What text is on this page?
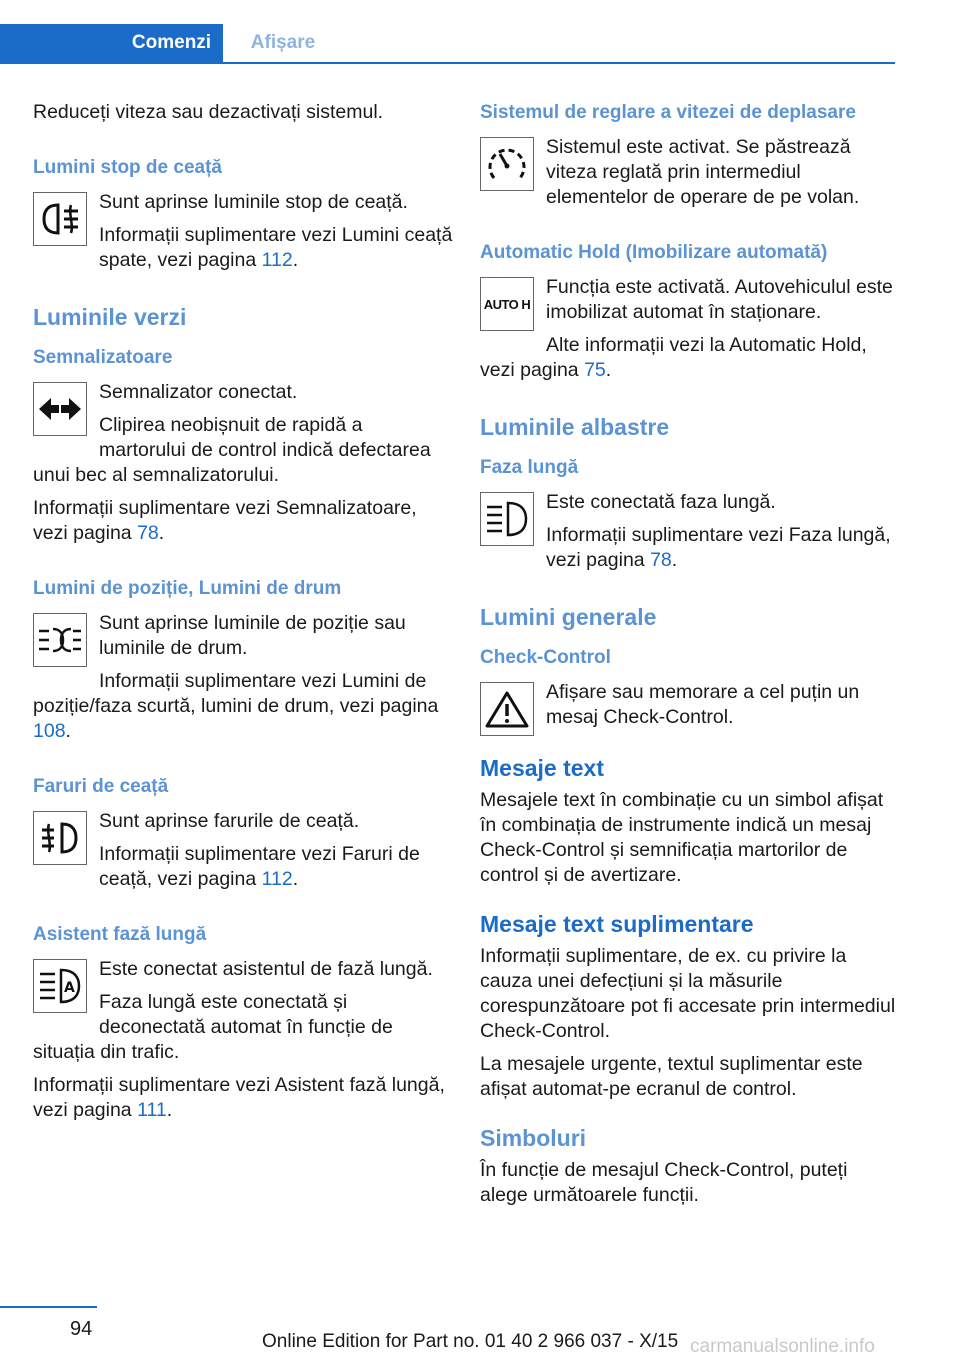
Comenzi	Afișare

Reduceți viteza sau dezactivați sistemul.

Lumini stop de ceață

Sunt aprinse luminile stop de ceață.

Informații suplimentare vezi Lumini ceață spate, vezi pagina 112.

Luminile verzi
Semnalizatoare

Semnalizator conectat.

Clipirea neobișnuit de rapidă a martorului de control indică defectarea unui bec al semnalizatorului.

Informații suplimentare vezi Semnalizatoare, vezi pagina 78.

Lumini de poziție, Lumini de drum

Sunt aprinse luminile de poziție sau luminile de drum.

Informații suplimentare vezi Lumini de poziție/faza scurtă, lumini de drum, vezi pagina 108.

Faruri de ceață

Sunt aprinse farurile de ceață.

Informații suplimentare vezi Faruri de ceață, vezi pagina 112.

Asistent fază lungă
A

Este conectat asistentul de fază lungă.

Faza lungă este conectată și deconectată automat în funcție de situația din trafic.

Informații suplimentare vezi Asistent fază lungă, vezi pagina 111.

Sistemul de reglare a vitezei de deplasare

Sistemul este activat. Se păstrează viteza reglată prin intermediul elementelor de operare de pe volan.

Automatic Hold (Imobilizare automată)
AUTO H

Funcția este activată. Autovehiculul este imobilizat automat în staționare.

Alte informații vezi la Automatic Hold, vezi pagina 75.

Luminile albastre
Faza lungă

Este conectată faza lungă.

Informații suplimentare vezi Faza lungă, vezi pagina 78.

Lumini generale
Check-Control

Afișare sau memorare a cel puțin un mesaj Check-Control.

Mesaje text

Mesajele text în combinație cu un simbol afișat în combinația de instrumente indică un mesaj Check-Control și semnificația martorilor de control și de avertizare.

Mesaje text suplimentare

Informații suplimentare, de ex. cu privire la cauza unei defecțiuni și la măsurile corespunzătoare pot fi accesate prin intermediul Check-Control.

La mesajele urgente, textul suplimentar este afișat automat-pe ecranul de control.

Simboluri

În funcție de mesajul Check-Control, puteți alege următoarele funcții.

94
Online Edition for Part no. 01 40 2 966 037 - X/15 carmanualsonline.info
